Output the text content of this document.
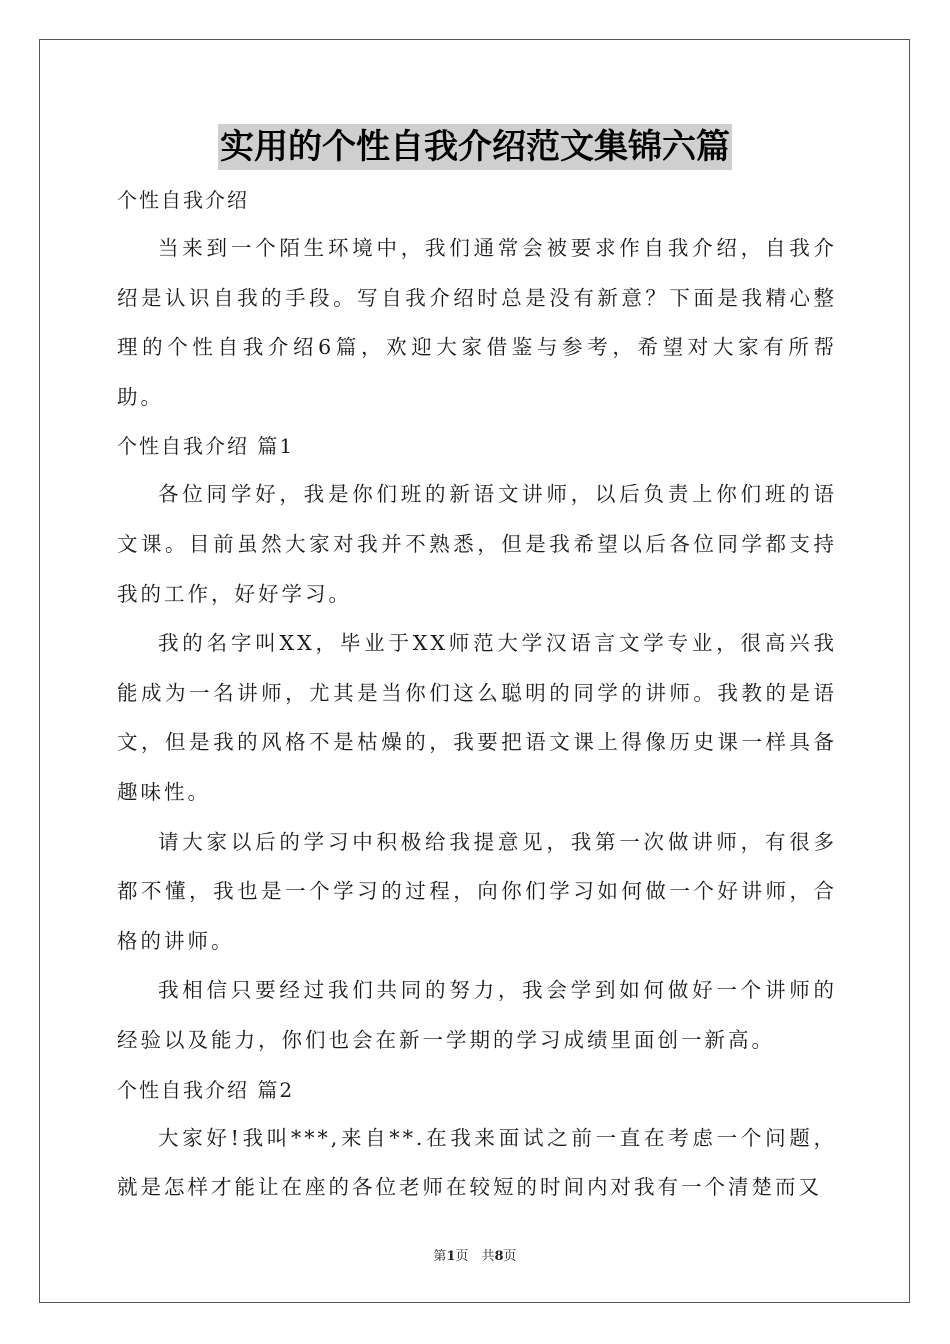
实用的个性自我介绍范文集锦六篇
个性自我介绍

当来到一个陌生环境中，我们通常会被要求作自我介绍，自我介绍是认识自我的手段。写自我介绍时总是没有新意？下面是我精心整理的个性自我介绍6篇，欢迎大家借鉴与参考，希望对大家有所帮助。

个性自我介绍 篇1

各位同学好，我是你们班的新语文讲师，以后负责上你们班的语文课。目前虽然大家对我并不熟悉，但是我希望以后各位同学都支持我的工作，好好学习。

我的名字叫XX，毕业于XX师范大学汉语言文学专业，很高兴我能成为一名讲师，尤其是当你们这么聪明的同学的讲师。我教的是语文，但是我的风格不是枯燥的，我要把语文课上得像历史课一样具备趣味性。

请大家以后的学习中积极给我提意见，我第一次做讲师，有很多都不懂，我也是一个学习的过程，向你们学习如何做一个好讲师，合格的讲师。

我相信只要经过我们共同的努力，我会学到如何做好一个讲师的经验以及能力，你们也会在新一学期的学习成绩里面创一新高。

个性自我介绍 篇2

大家好!我叫***,来自**.在我来面试之前一直在考虑一个问题，就是怎样才能让在座的各位老师在较短的时间内对我有一个清楚而又

第1页　共8页
